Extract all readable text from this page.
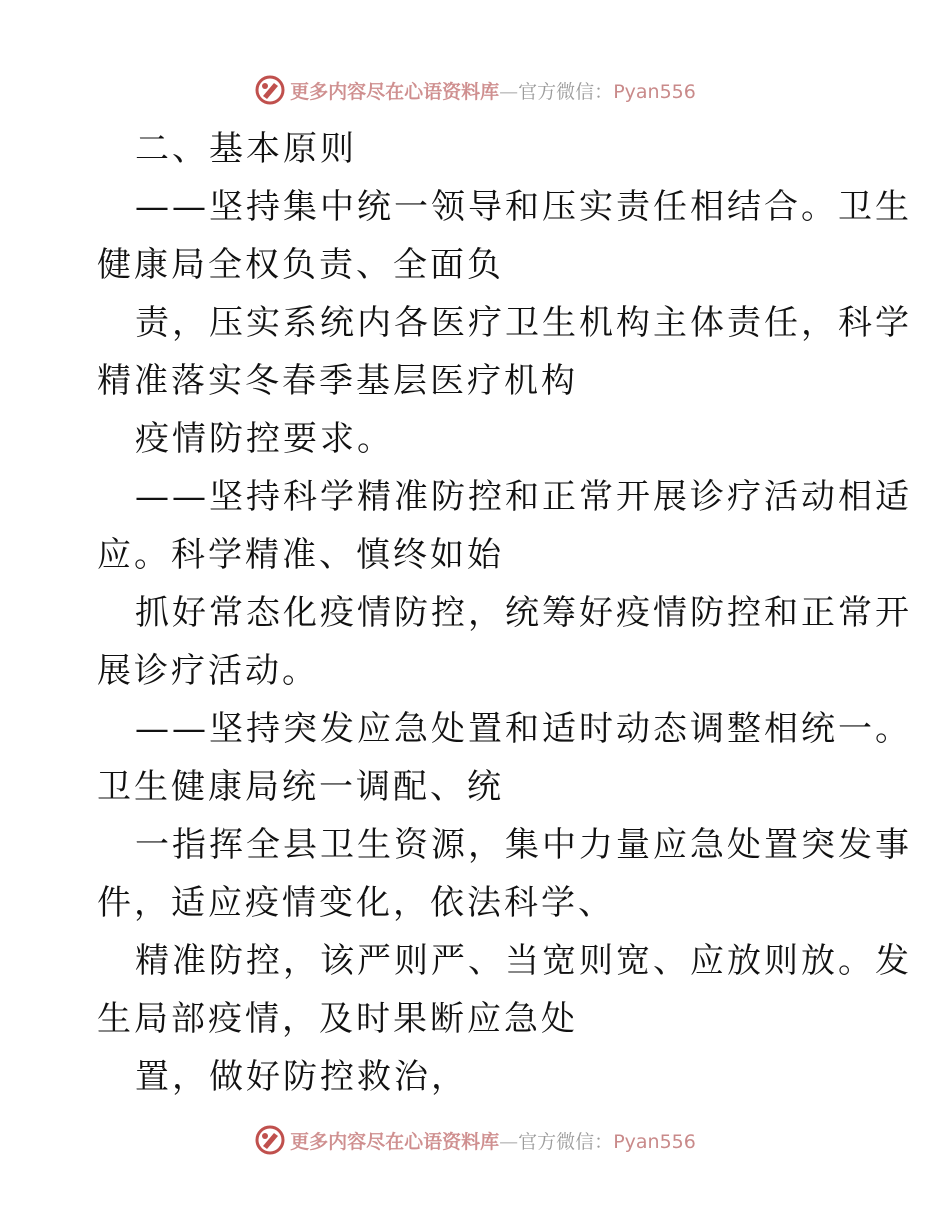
更多内容尽在心语资料库—官方微信：Pyan556
二、基本原则
——坚持集中统一领导和压实责任相结合。卫生
健康局全权负责、全面负
责，压实系统内各医疗卫生机构主体责任，科学
精准落实冬春季基层医疗机构
疫情防控要求。
——坚持科学精准防控和正常开展诊疗活动相适
应。科学精准、慎终如始
抓好常态化疫情防控，统筹好疫情防控和正常开
展诊疗活动。
——坚持突发应急处置和适时动态调整相统一。
卫生健康局统一调配、统
一指挥全县卫生资源，集中力量应急处置突发事
件，适应疫情变化，依法科学、
精准防控，该严则严、当宽则宽、应放则放。发
生局部疫情，及时果断应急处
置，做好防控救治，
更多内容尽在心语资料库—官方微信：Pyan556
